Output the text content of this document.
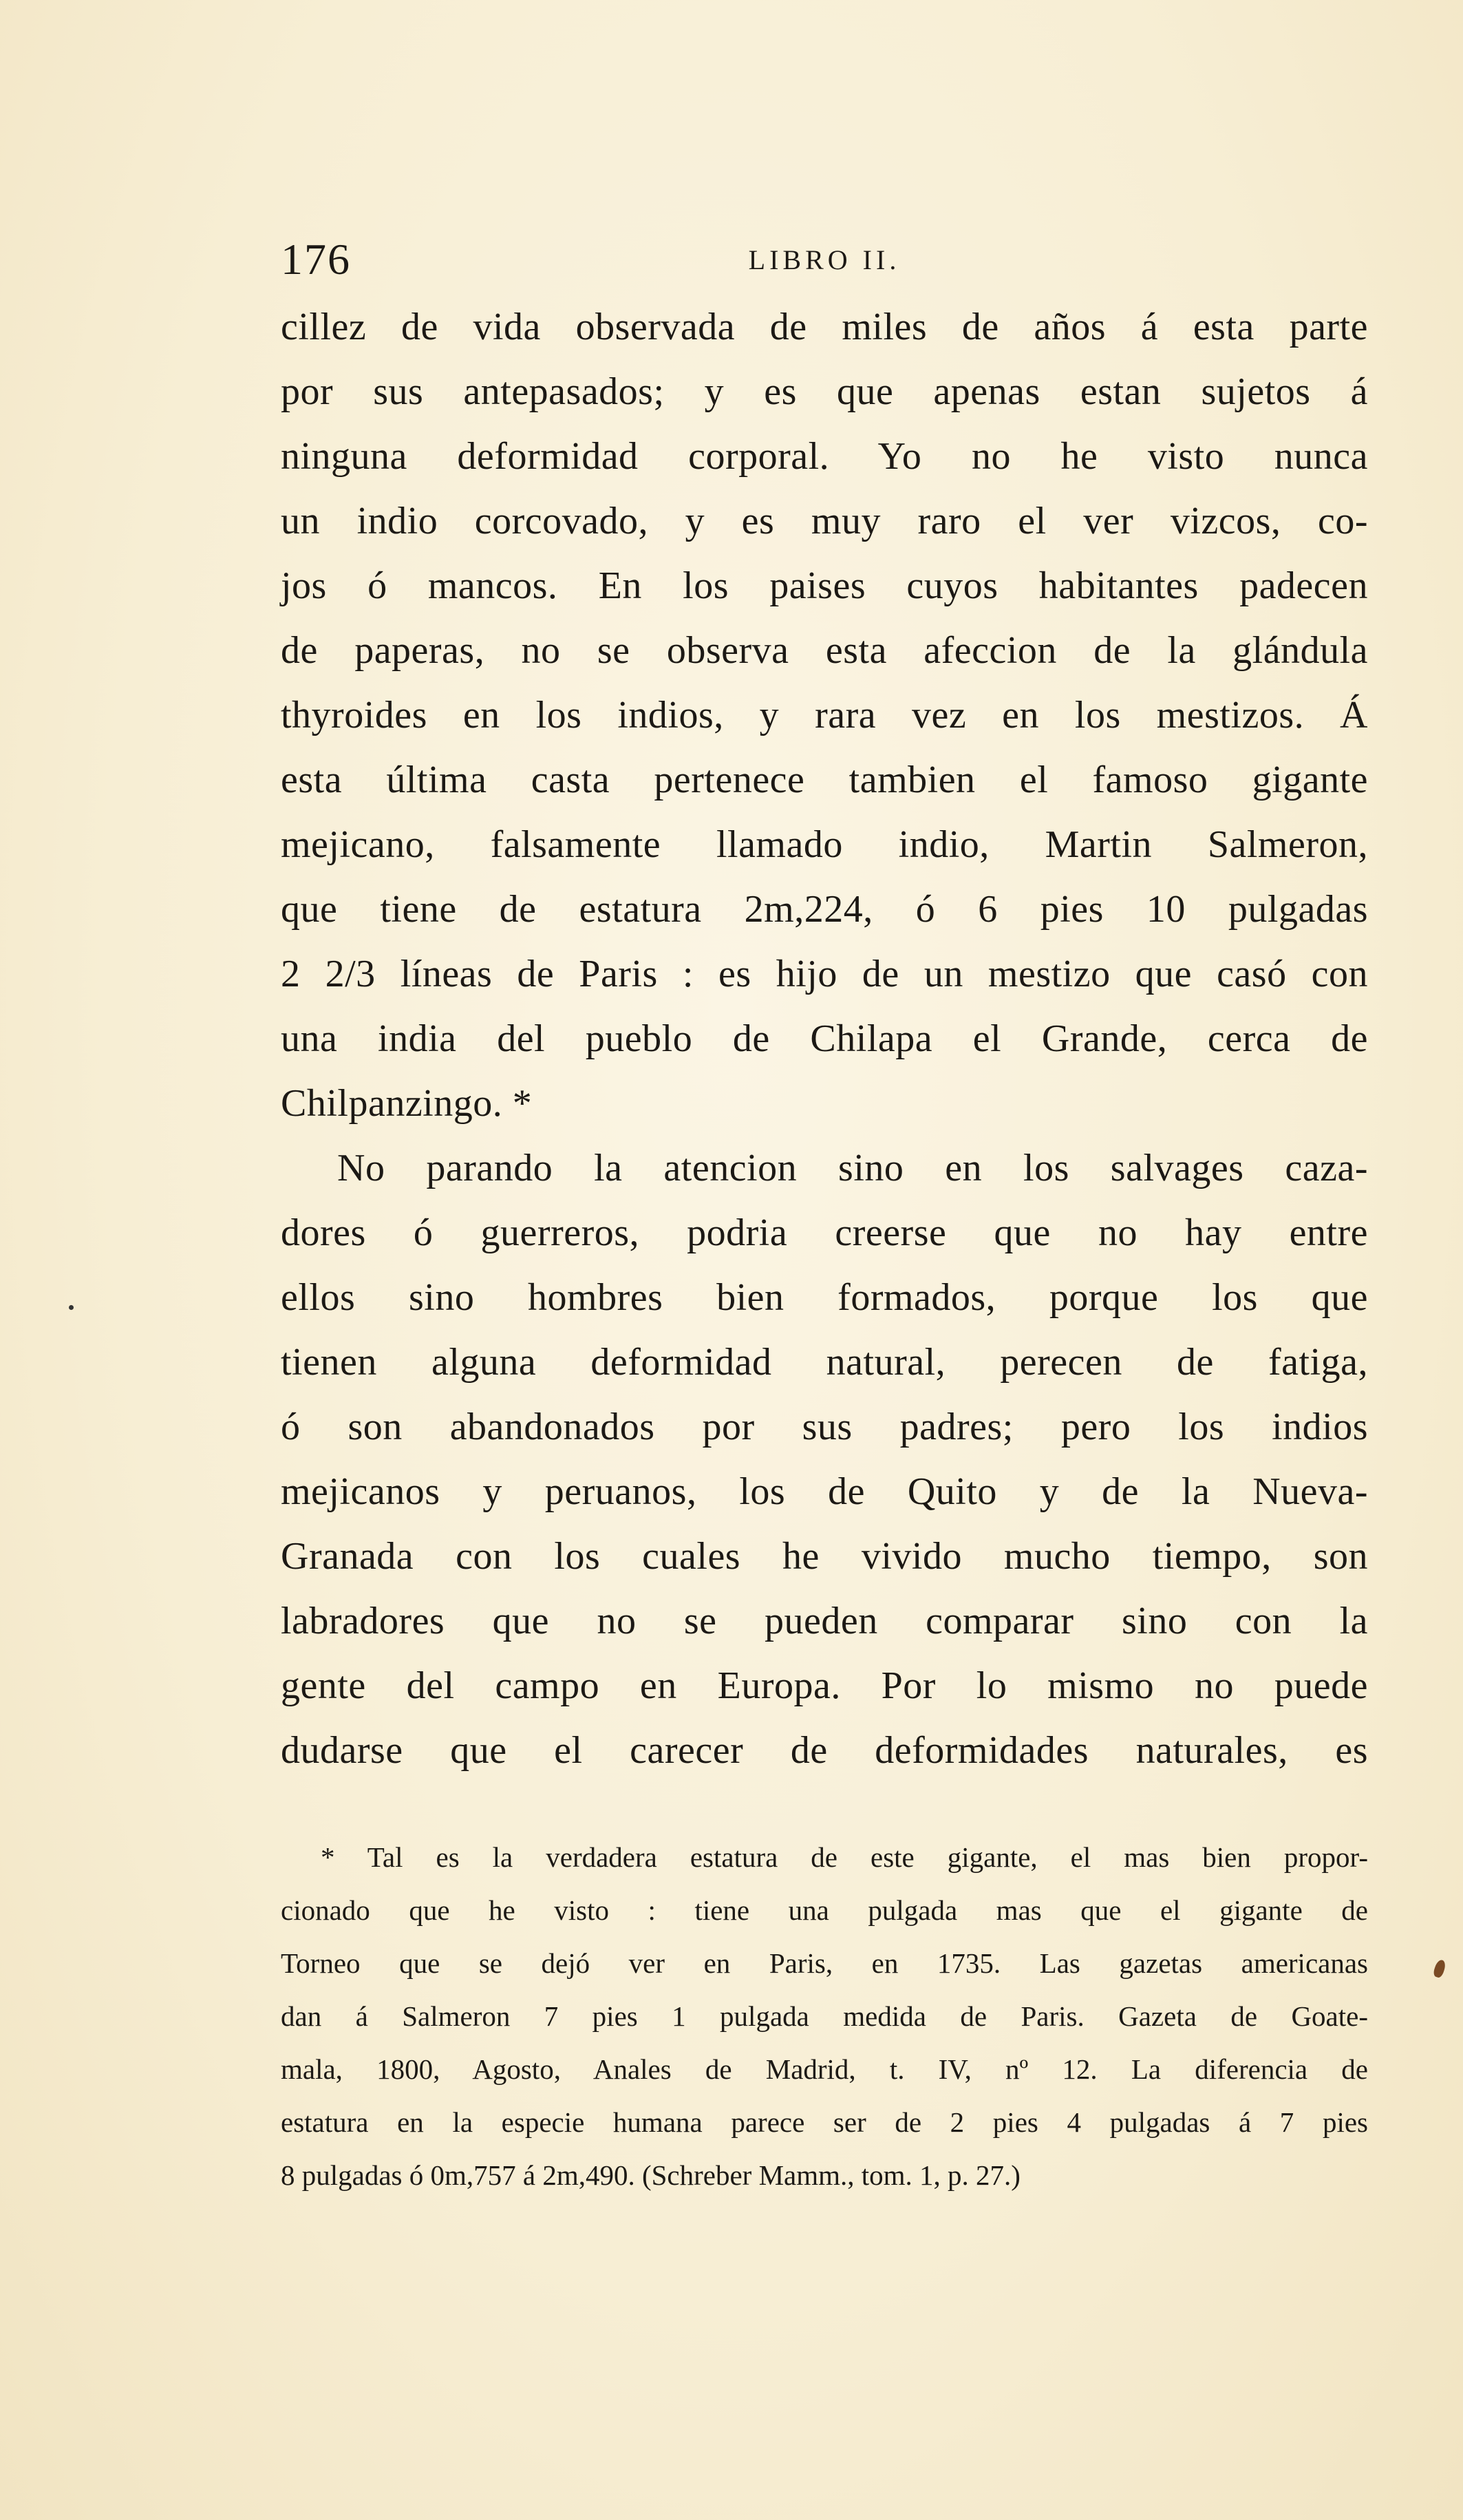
176	LIBRO II.
cillez de vida observada de miles de años á esta parte
por sus antepasados; y es que apenas estan sujetos á
ninguna deformidad corporal. Yo no he visto nunca
un indio corcovado, y es muy raro el ver vizcos, co-
jos ó mancos. En los paises cuyos habitantes padecen
de paperas, no se observa esta afeccion de la glándula
thyroides en los indios, y rara vez en los mestizos. Á
esta última casta pertenece tambien el famoso gigante
mejicano, falsamente llamado indio, Martin Salmeron,
que tiene de estatura 2m,224, ó 6 pies 10 pulgadas
2 2/3 líneas de Paris : es hijo de un mestizo que casó con
una india del pueblo de Chilapa el Grande, cerca de
Chilpanzingo. *
No parando la atencion sino en los salvages caza-
dores ó guerreros, podria creerse que no hay entre
ellos sino hombres bien formados, porque los que
tienen alguna deformidad natural, perecen de fatiga,
ó son abandonados por sus padres; pero los indios
mejicanos y peruanos, los de Quito y de la Nueva-
Granada con los cuales he vivido mucho tiempo, son
labradores que no se pueden comparar sino con la
gente del campo en Europa. Por lo mismo no puede
dudarse que el carecer de deformidades naturales, es
* Tal es la verdadera estatura de este gigante, el mas bien propor-
cionado que he visto : tiene una pulgada mas que el gigante de
Torneo que se dejó ver en Paris, en 1735. Las gazetas americanas
dan á Salmeron 7 pies 1 pulgada medida de Paris. Gazeta de Goate-
mala, 1800, Agosto, Anales de Madrid, t. IV, nº 12. La diferencia de
estatura en la especie humana parece ser de 2 pies 4 pulgadas á 7 pies
8 pulgadas ó 0m,757 á 2m,490. (Schreber Mamm., tom. 1, p. 27.)
